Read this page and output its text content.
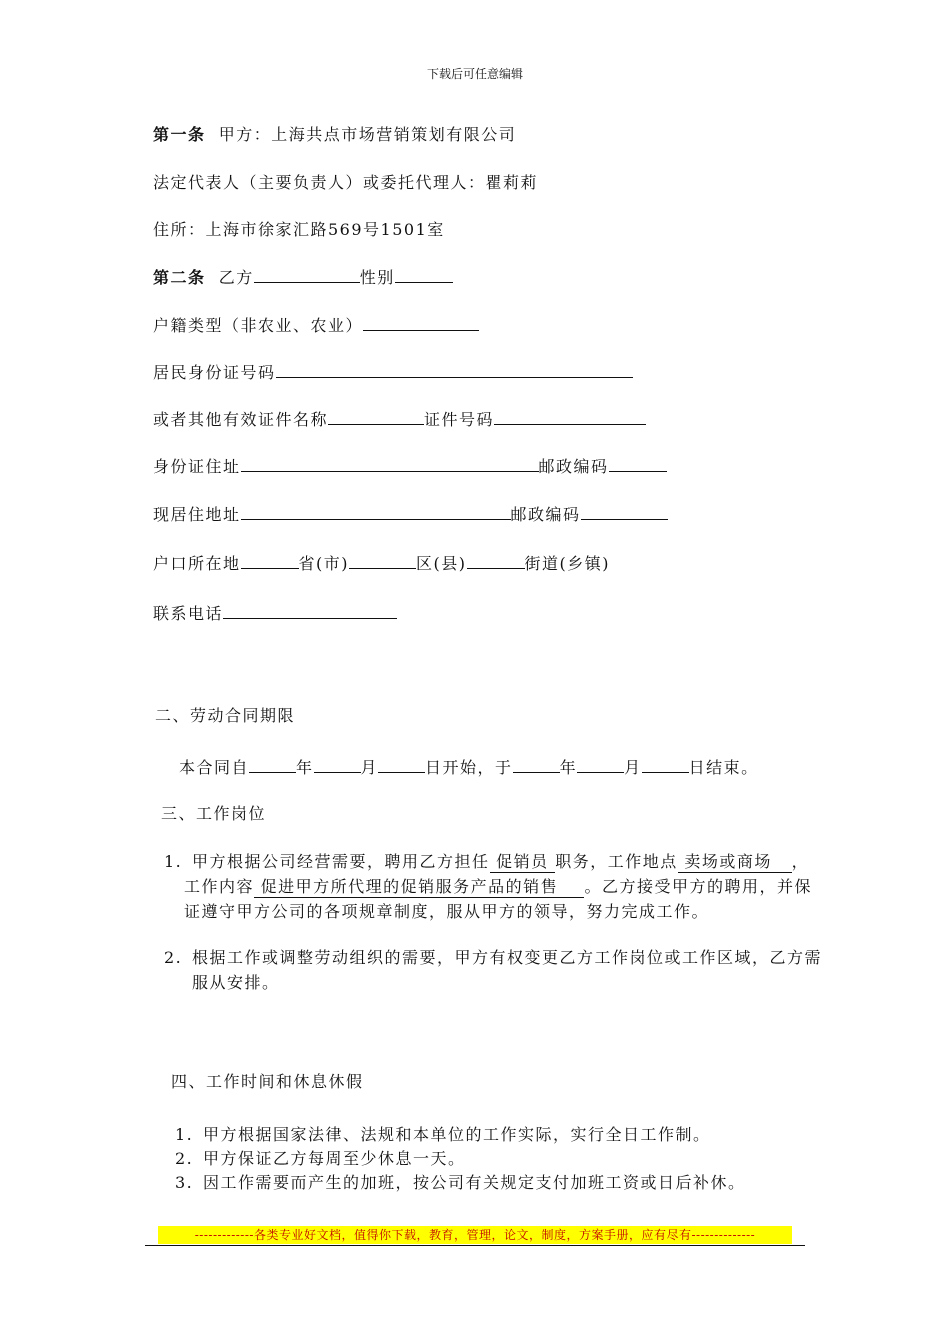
下载后可任意编辑
第一条 甲方：上海共点市场营销策划有限公司
法定代表人（主要负责人）或委托代理人：瞿莉莉
住所：上海市徐家汇路569号1501室
第二条 乙方	性别
户籍类型（非农业、农业）
居民身份证号码
或者其他有效证件名称	证件号码
身份证住址	邮政编码
现居住地址	邮政编码
户口所在地	省(市)	区(县)	街道(乡镇)
联系电话
二、劳动合同期限
本合同自	年	月	日开始，于	年	月	日结束。
三、工作岗位
1. 甲方根据公司经营需要，聘用乙方担任 促销员 职务，工作地点 卖场或商场 ，
工作内容 促进甲方所代理的促销服务产品的销售 。乙方接受甲方的聘用，并保
证遵守甲方公司的各项规章制度，服从甲方的领导，努力完成工作。
2. 根据工作或调整劳动组织的需要，甲方有权变更乙方工作岗位或工作区域，乙方需
服从安排。
四、工作时间和休息休假
1. 甲方根据国家法律、法规和本单位的工作实际，实行全日工作制。
2. 甲方保证乙方每周至少休息一天。
3. 因工作需要而产生的加班，按公司有关规定支付加班工资或日后补休。
-------------各类专业好文档，值得你下载，教育，管理，论文，制度，方案手册，应有尽有--------------
